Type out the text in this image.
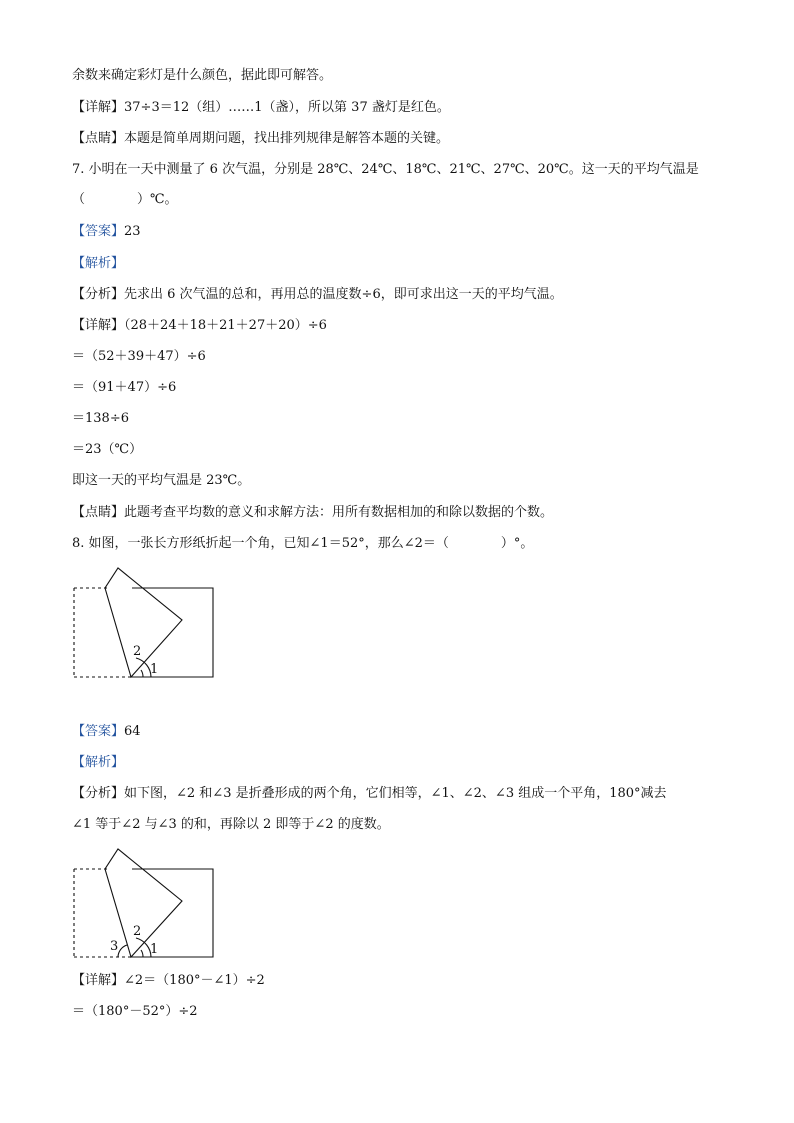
余数来确定彩灯是什么颜色，据此即可解答。
【详解】37÷3＝12（组）……1（盏），所以第 37 盏灯是红色。
【点睛】本题是简单周期问题，找出排列规律是解答本题的关键。
7. 小明在一天中测量了 6 次气温，分别是 28℃、24℃、18℃、21℃、27℃、20℃。这一天的平均气温是
（　　　　）℃。
【答案】23
【解析】
【分析】先求出 6 次气温的总和，再用总的温度数÷6，即可求出这一天的平均气温。
【详解】（28＋24＋18＋21＋27＋20）÷6
＝（52＋39＋47）÷6
＝（91＋47）÷6
＝138÷6
＝23（℃）
即这一天的平均气温是 23℃。
【点睛】此题考查平均数的意义和求解方法：用所有数据相加的和除以数据的个数。
8. 如图，一张长方形纸折起一个角，已知∠1＝52°，那么∠2＝（　　　　）°。
2
1
【答案】64
【解析】
【分析】如下图，∠2 和∠3 是折叠形成的两个角，它们相等，∠1、∠2、∠3 组成一个平角，180°减去
∠1 等于∠2 与∠3 的和，再除以 2 即等于∠2 的度数。
2
1
3
【详解】∠2＝（180°－∠1）÷2
＝（180°－52°）÷2
